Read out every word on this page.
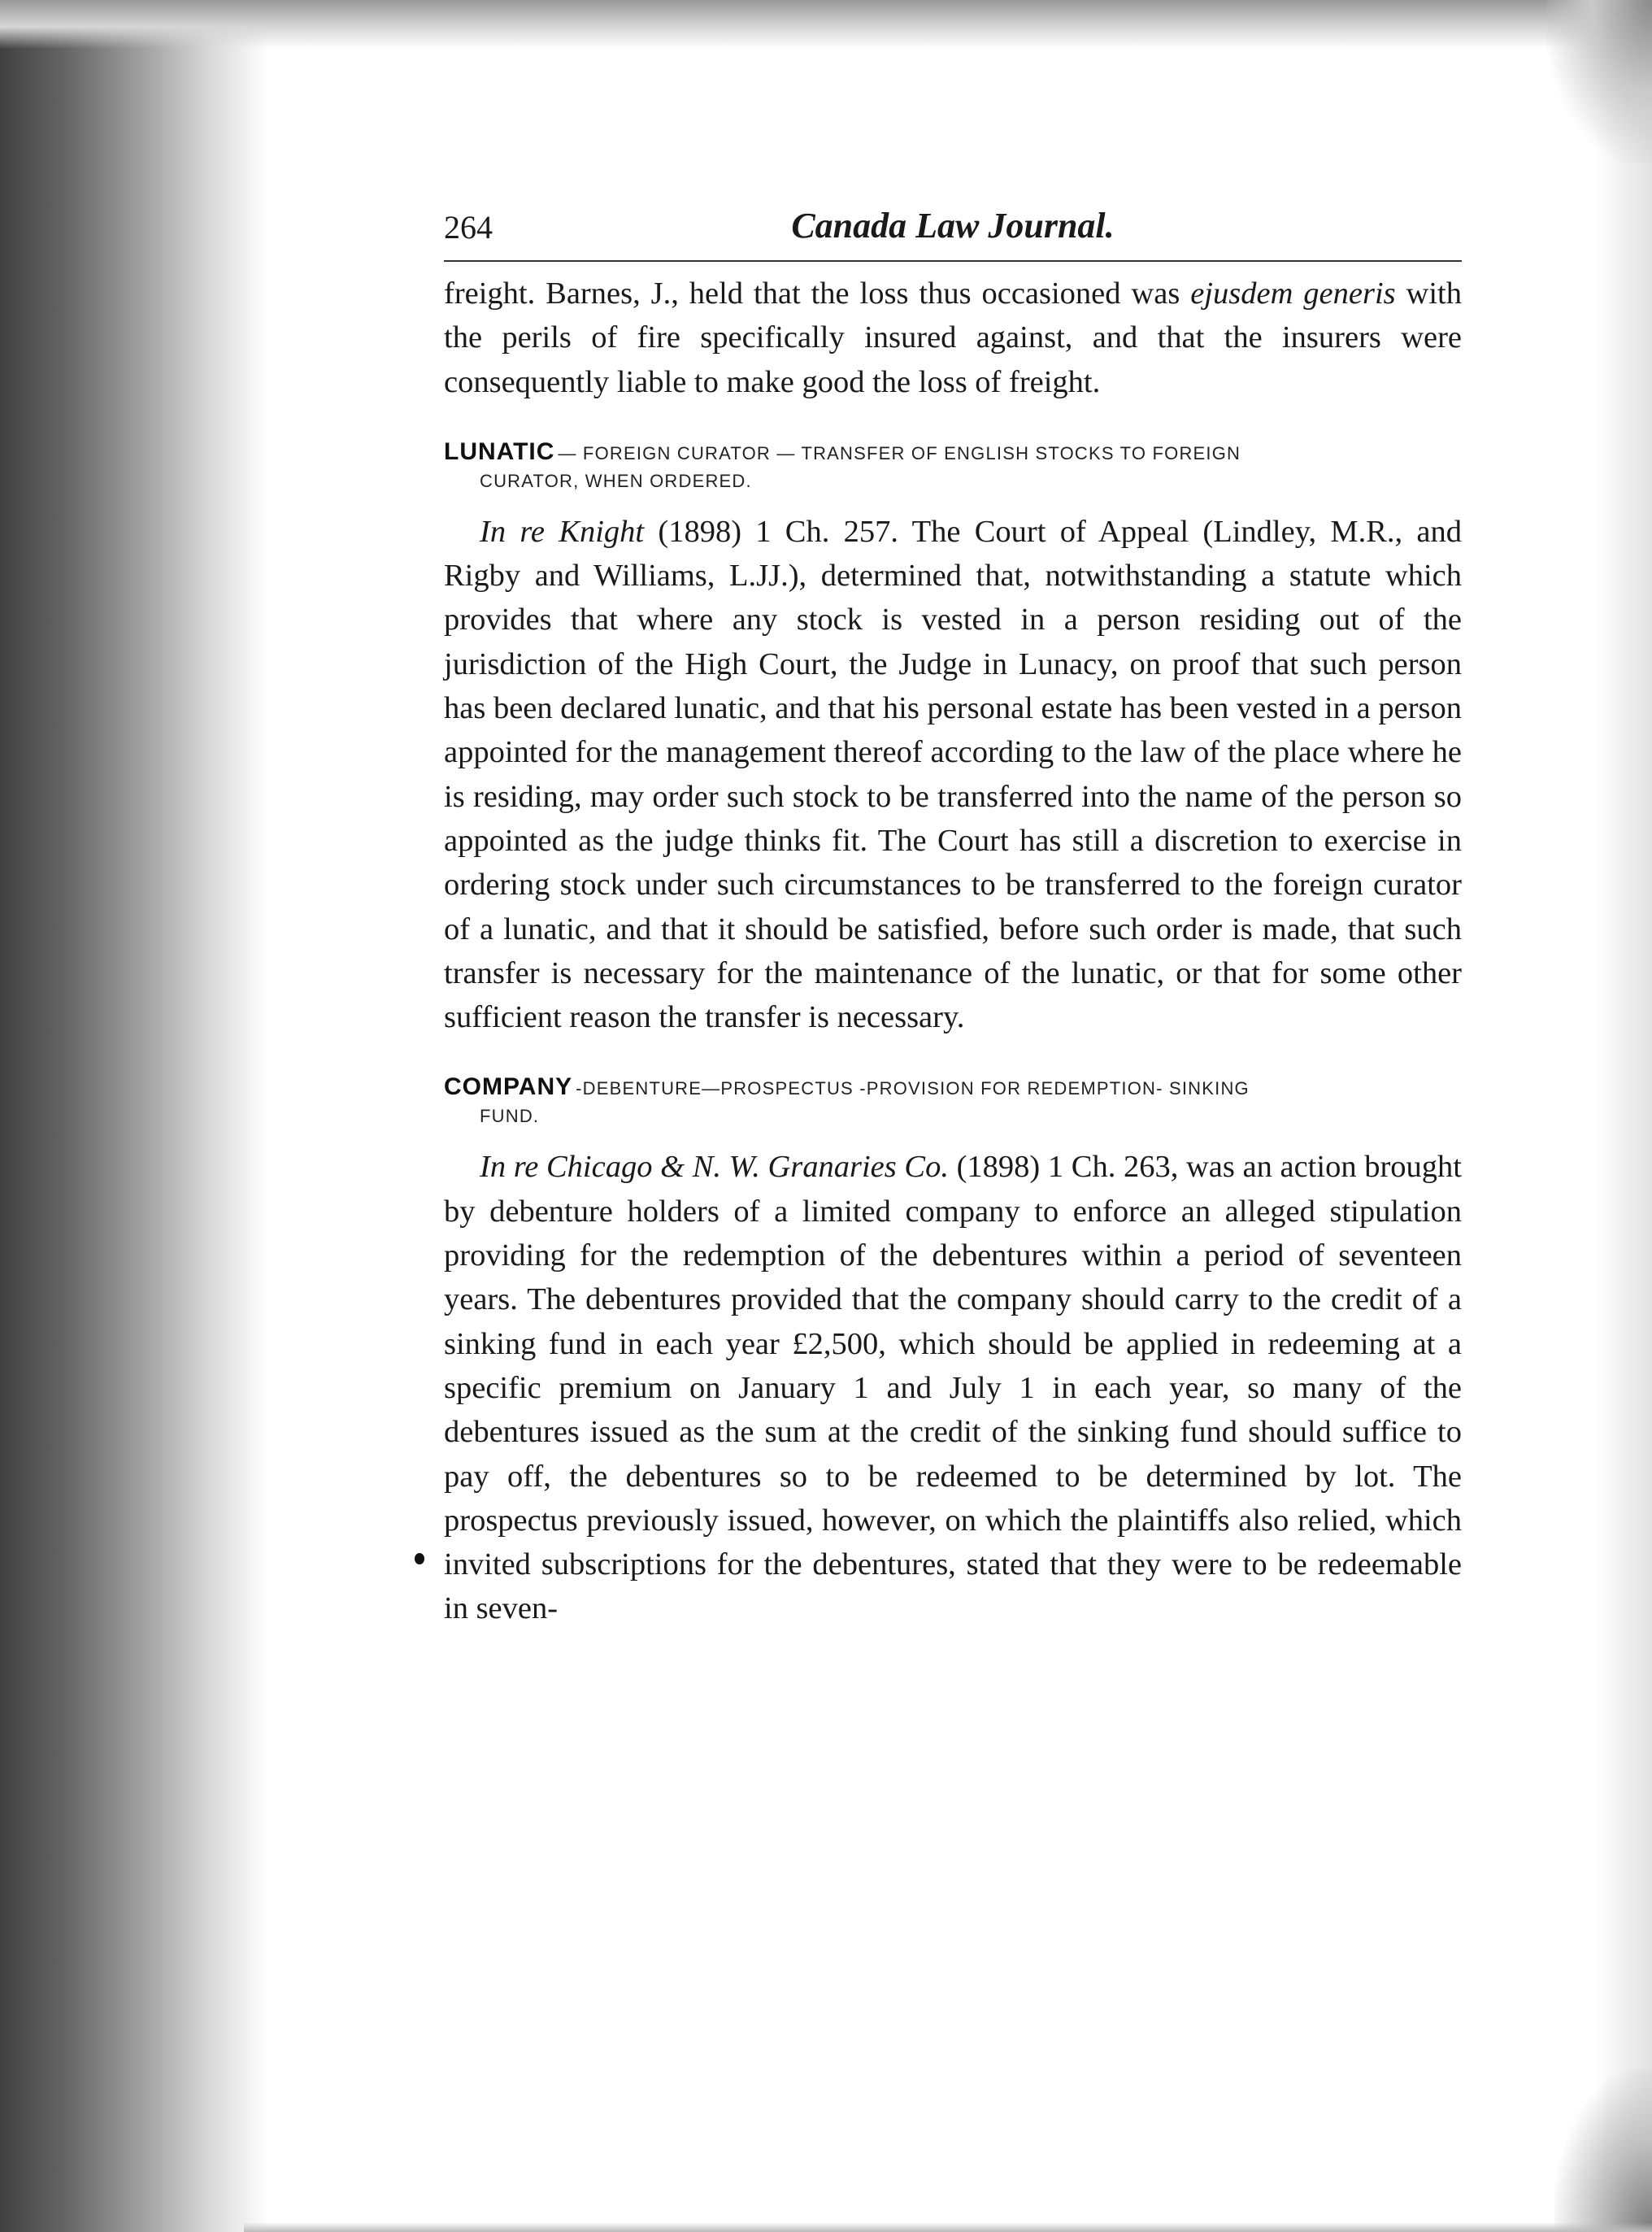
264	Canada Law Journal.

freight. Barnes, J., held that the loss thus occasioned was ejusdem generis with the perils of fire specifically insured against, and that the insurers were consequently liable to make good the loss of freight.

LUNATIC — FOREIGN CURATOR — TRANSFER OF ENGLISH STOCKS TO FOREIGN
CURATOR, WHEN ORDERED.

In re Knight (1898) 1 Ch. 257. The Court of Appeal (Lindley, M.R., and Rigby and Williams, L.JJ.), determined that, notwithstanding a statute which provides that where any stock is vested in a person residing out of the jurisdiction of the High Court, the Judge in Lunacy, on proof that such person has been declared lunatic, and that his personal estate has been vested in a person appointed for the management thereof according to the law of the place where he is residing, may order such stock to be transferred into the name of the person so appointed as the judge thinks fit. The Court has still a discretion to exercise in ordering stock under such circumstances to be transferred to the foreign curator of a lunatic, and that it should be satisfied, before such order is made, that such transfer is necessary for the maintenance of the lunatic, or that for some other sufficient reason the transfer is necessary.

COMPANY -DEBENTURE—PROSPECTUS -PROVISION FOR REDEMPTION- SINKING
FUND.

In re Chicago & N. W. Granaries Co. (1898) 1 Ch. 263, was an action brought by debenture holders of a limited company to enforce an alleged stipulation providing for the redemption of the debentures within a period of seventeen years. The debentures provided that the company should carry to the credit of a sinking fund in each year £2,500, which should be applied in redeeming at a specific premium on January 1 and July 1 in each year, so many of the debentures issued as the sum at the credit of the sinking fund should suffice to pay off, the debentures so to be redeemed to be determined by lot. The prospectus previously issued, however, on which the plaintiffs also relied, which invited subscriptions for the debentures, stated that they were to be redeemable in seven-
